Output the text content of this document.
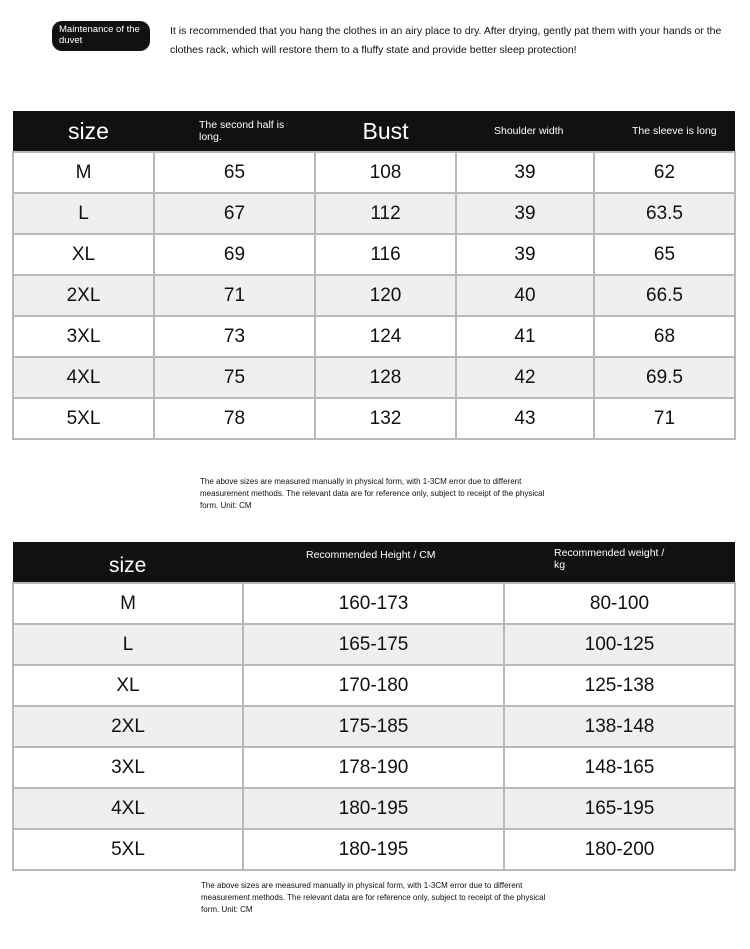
Maintenance of the duvet
It is recommended that you hang the clothes in an airy place to dry. After drying, gently pat them with your hands or the clothes rack, which will restore them to a fluffy state and provide better sleep protection!
size	The second half is long.	Bust	Shoulder width	The sleeve is long
M	65	108	39	62
L	67	112	39	63.5
XL	69	116	39	65
2XL	71	120	40	66.5
3XL	73	124	41	68
4XL	75	128	42	69.5
5XL	78	132	43	71
The above sizes are measured manually in physical form, with 1-3CM error due to different measurement methods. The relevant data are for reference only, subject to receipt of the physical form. Unit: CM
size	Recommended Height / CM	Recommended weight / kg
M	160-173	80-100
L	165-175	100-125
XL	170-180	125-138
2XL	175-185	138-148
3XL	178-190	148-165
4XL	180-195	165-195
5XL	180-195	180-200
The above sizes are measured manually in physical form, with 1-3CM error due to different measurement methods. The relevant data are for reference only, subject to receipt of the physical form. Unit: CM
